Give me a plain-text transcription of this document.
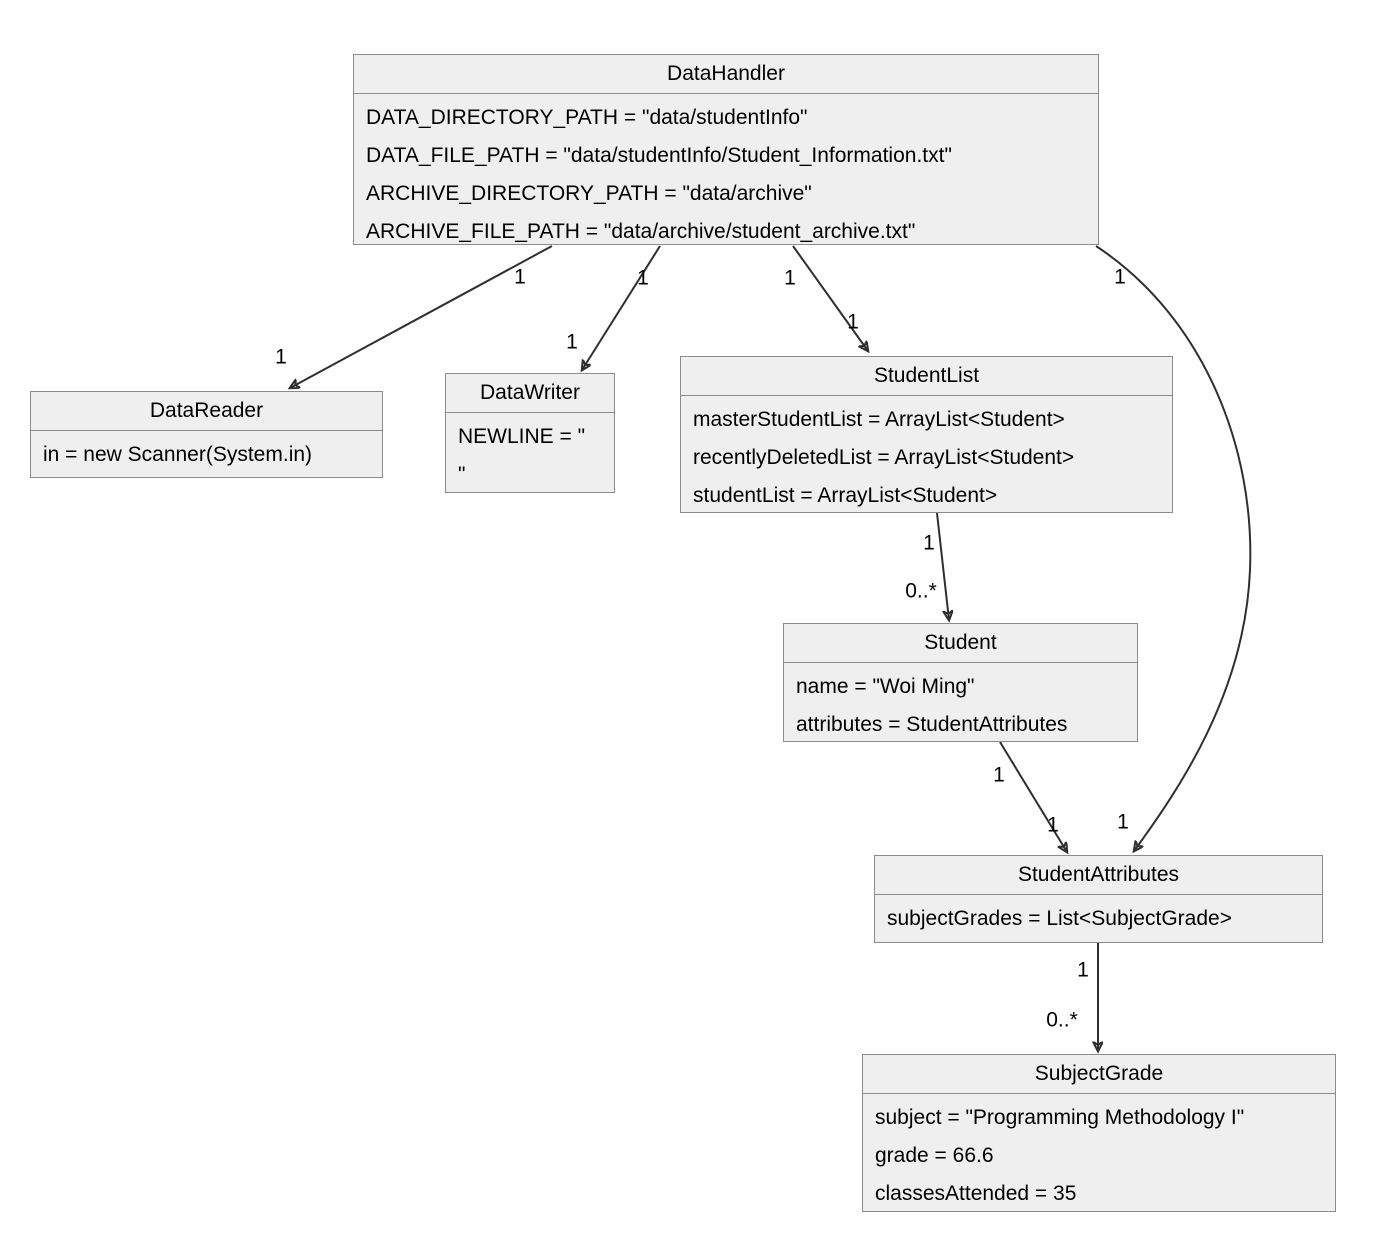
DataHandler
DATA_DIRECTORY_PATH = "data/studentInfo"
DATA_FILE_PATH = "data/studentInfo/Student_Information.txt"
ARCHIVE_DIRECTORY_PATH = "data/archive"
ARCHIVE_FILE_PATH = "data/archive/student_archive.txt"
DataReader
in = new Scanner(System.in)
DataWriter
NEWLINE = "
"
StudentList
masterStudentList = ArrayList<Student>
recentlyDeletedList = ArrayList<Student>
studentList = ArrayList<Student>
Student
name = "Woi Ming"
attributes = StudentAttributes
StudentAttributes
subjectGrades = List<SubjectGrade>
SubjectGrade
subject = "Programming Methodology I"
grade = 66.6
classesAttended = 35
1
1
1
1
1
1
1
1
1
0..*
1
1
1
0..*
